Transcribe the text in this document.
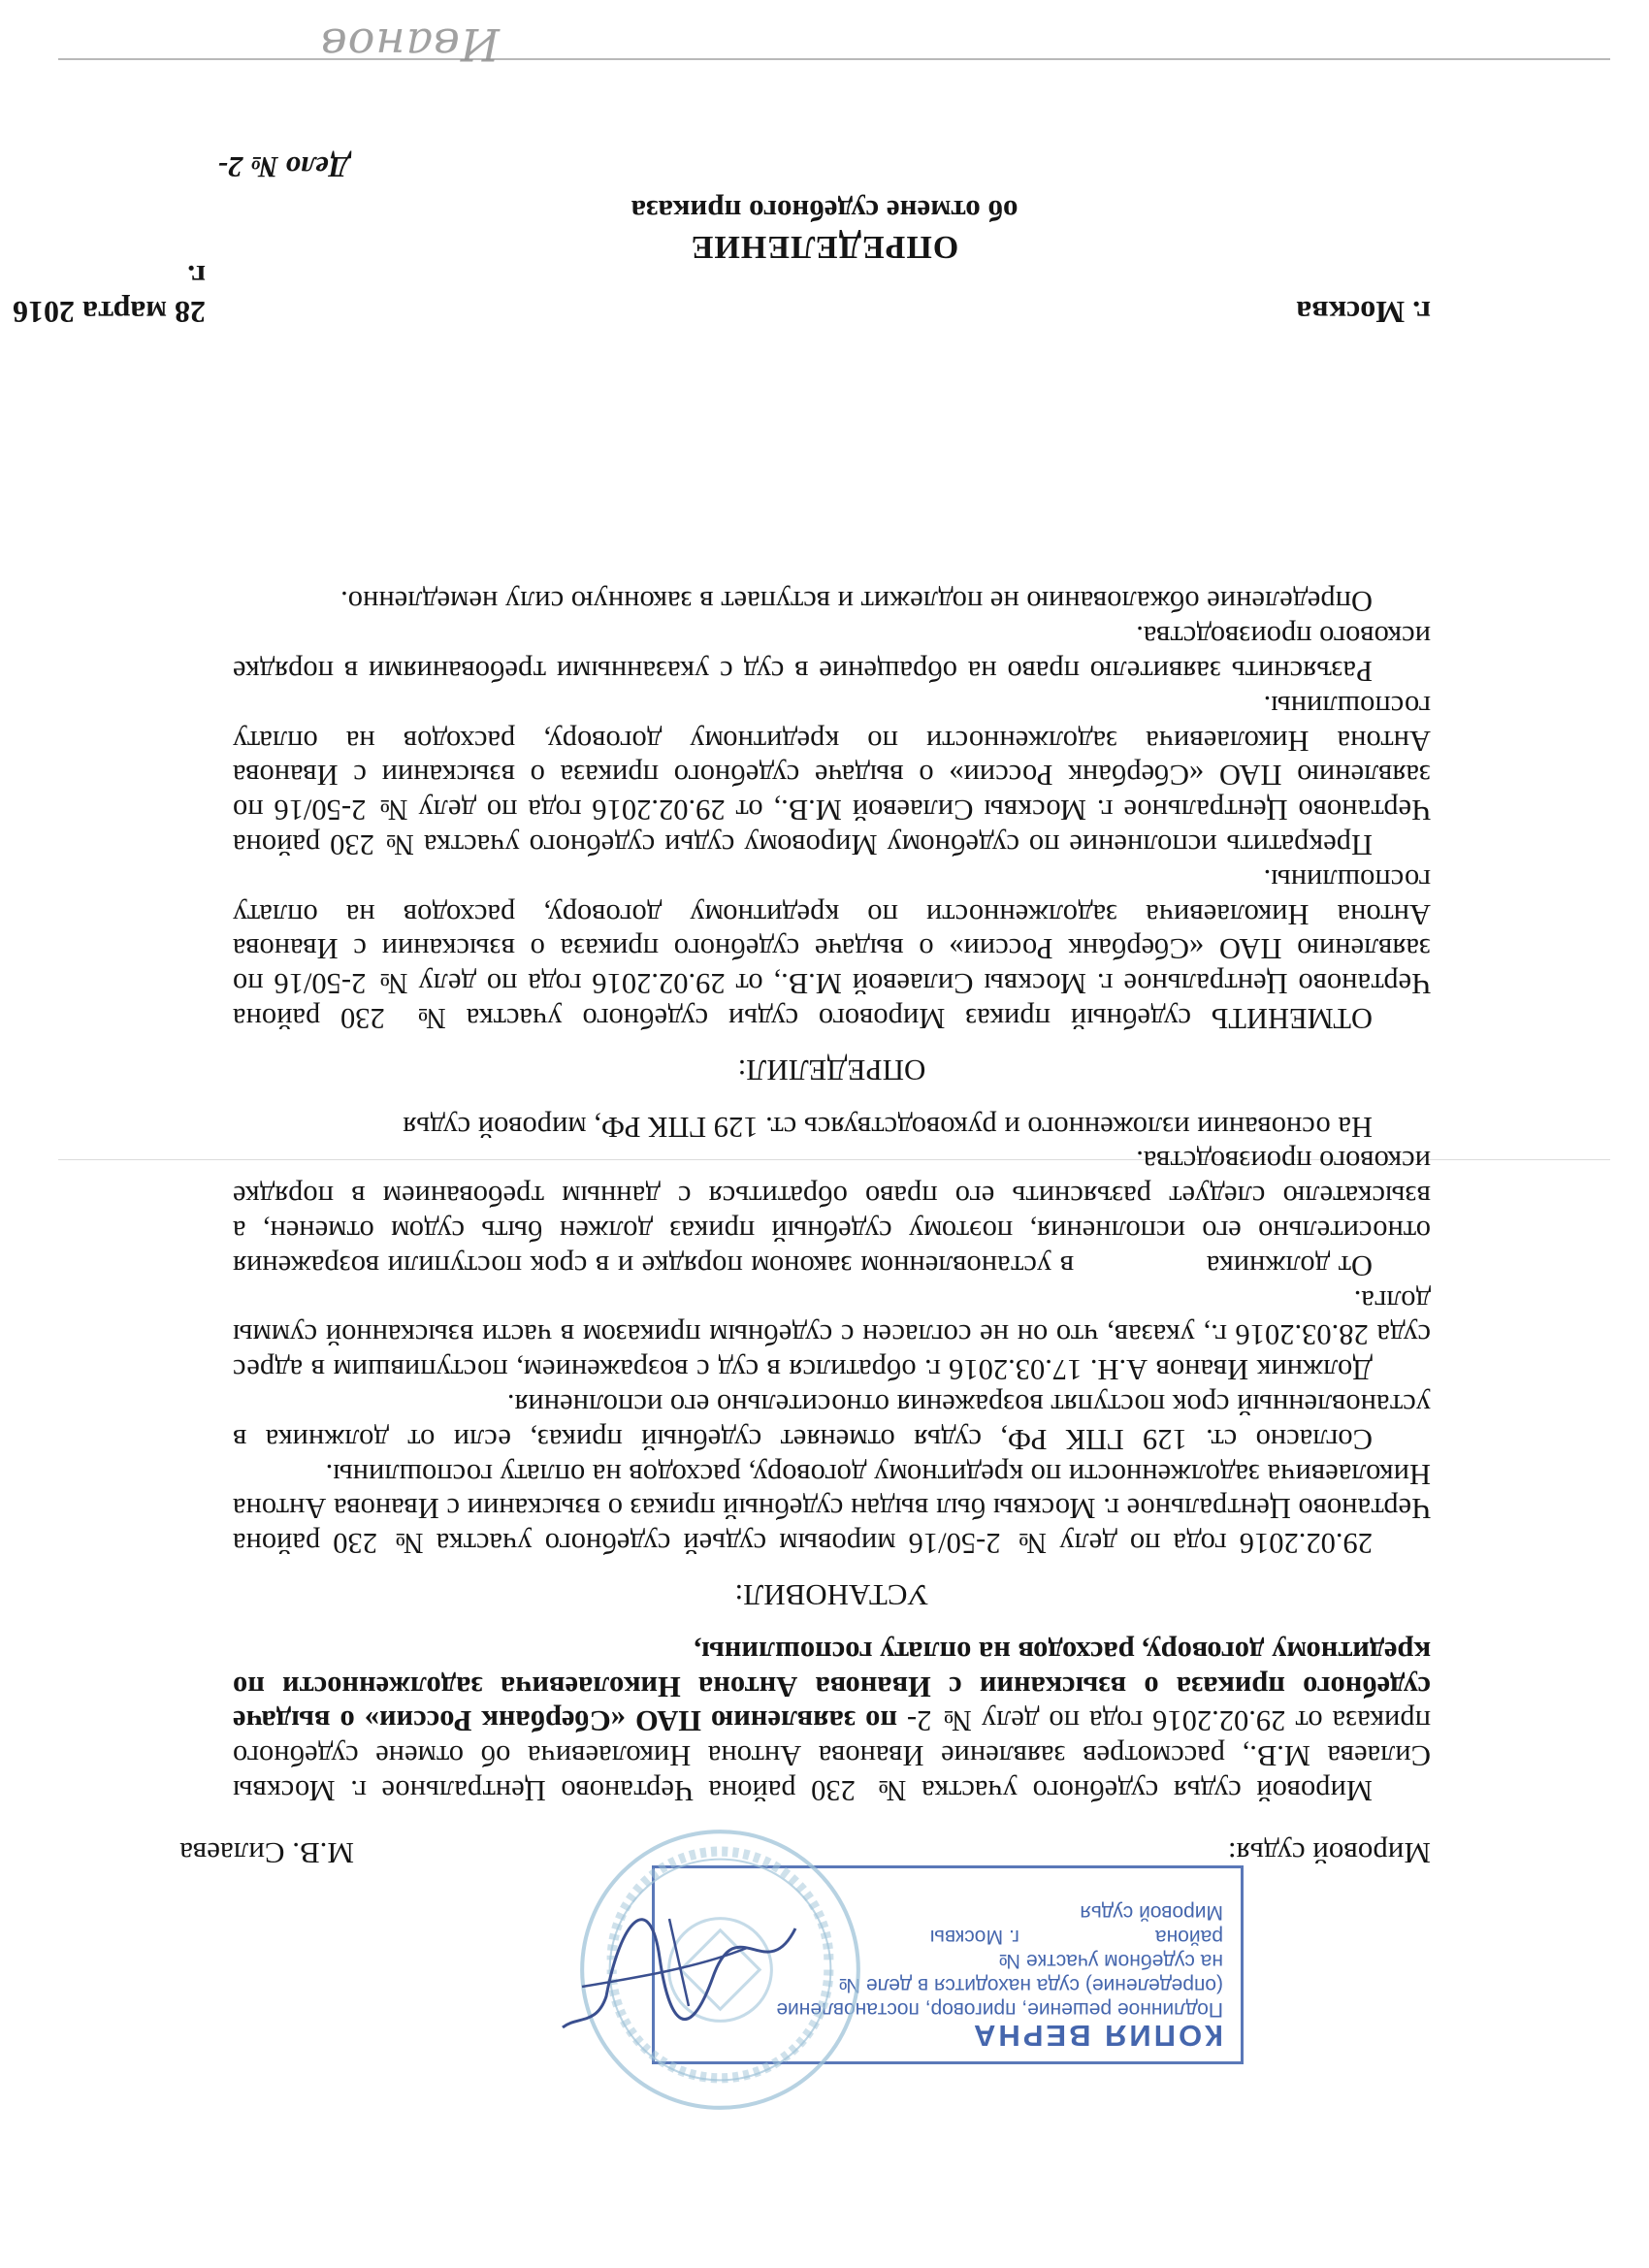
Иванов
Дело № 2-
ОПРЕДЕЛЕНИЕ
об отмене судебного приказа
28 марта 2016 г.
г. Москва

Мировой судья судебного участка № 230 района Чертаново Центральное г. Москвы Силаева М.В., рассмотрев заявление Иванова Антона Николаевича об отмене судебного приказа от 29.02.2016 года по делу № 2- по заявлению ПАО «Сбербанк России» о выдаче судебного приказа о взыскании с Иванова Антона Николаевича задолженности по кредитному договору, расходов на оплату госпошлины,

УСТАНОВИЛ:

29.02.2016 года по делу № 2-50/16 мировым судьей судебного участка № 230 района Чертаново Центральное г. Москвы был выдан судебный приказ о взыскании с Иванова Антона Николаевича задолженности по кредитному договору, расходов на оплату госпошлины.

Согласно ст. 129 ГПК РФ, судья отменяет судебный приказ, если от должника в установленный срок поступят возражения относительно его исполнения.

Должник Иванов А.Н. 17.03.2016 г. обратился в суд с возражением, поступившим в адрес суда 28.03.2016 г., указав, что он не согласен с судебным приказом в части взысканной суммы долга.

От должника                в установленном законом порядке и в срок поступили возражения относительно его исполнения, поэтому судебный приказ должен быть судом отменен, а взыскателю следует разъяснить его право обратиться с данным требованием в порядке искового производства.

На основании изложенного и руководствуясь ст. 129 ГПК РФ, мировой судья

ОПРЕДЕЛИЛ:

ОТМЕНИТЬ судебный приказ Мирового судьи судебного участка № 230 района Чертаново Центральное г. Москвы Силаевой М.В., от 29.02.2016 года по делу № 2-50/16 по заявлению ПАО «Сбербанк России» о выдаче судебного приказа о взыскании с Иванова Антона Николаевича задолженности по кредитному договору, расходов на оплату госпошлины.

Прекратить исполнение по судебному Мировому судьи судебного участка № 230 района Чертаново Центральное г. Москвы Силаевой М.В., от 29.02.2016 года по делу № 2-50/16 по заявлению ПАО «Сбербанк России» о выдаче судебного приказа о взыскании с Иванова Антона Николаевича задолженности по кредитному договору, расходов на оплату госпошлины.

Разъяснить заявителю право на обращение в суд с указанными требованиями в порядке искового производства.

Определение обжалованию не подлежит и вступает в законную силу немедленно.

Мировой судья:
М.В. Силаева
КОПИЯ ВЕРНА
Подлинное решение, приговор, постановление
(определение) суда находится в деле №
на судебном участке №
района                        г. Москвы
Мировой судья
